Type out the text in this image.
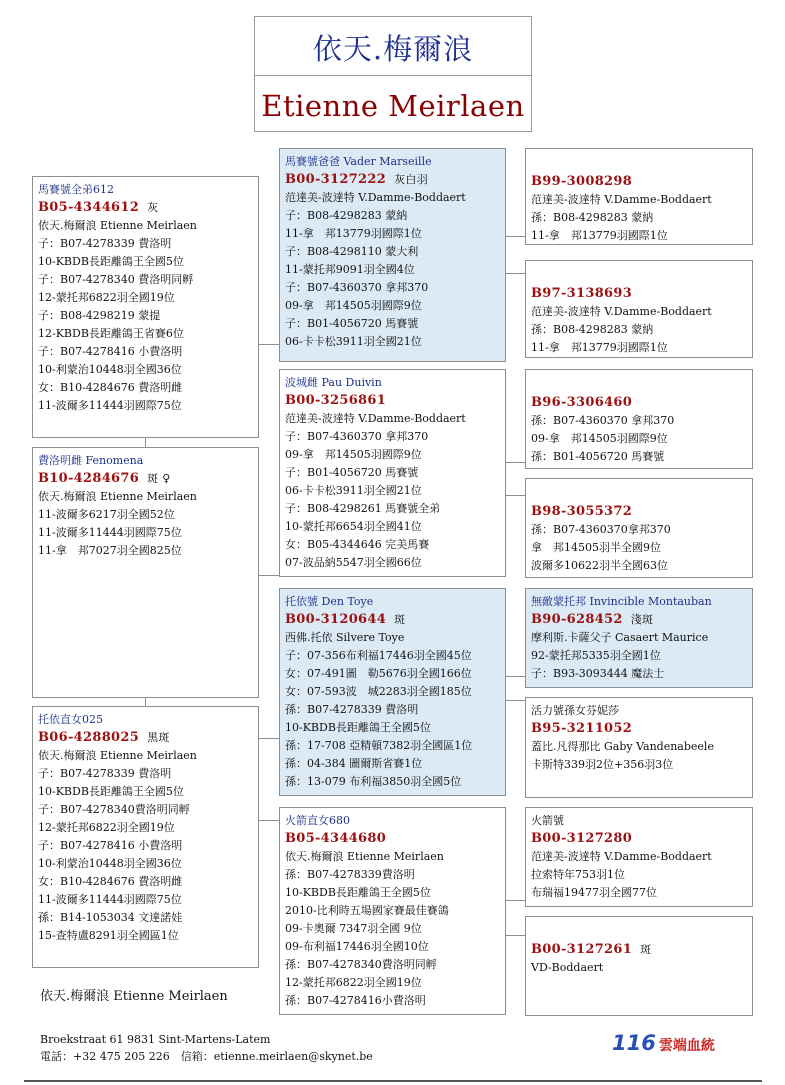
依天.梅爾浪
Etienne Meirlaen
馬賽號全弟612
B05-4344612 灰
依天.梅爾浪 Etienne Meirlaen
子：B07-4278339 費洛明
10-KBDB長距離鴿王全國5位
子：B07-4278340 費洛明同孵
12-蒙托邦6822羽全國19位
子：B08-4298219 蒙提
12-KBDB長距離鴿王省賽6位
子：B07-4278416 小費洛明
10-利蒙治10448羽全國36位
女：B10-4284676 費洛明雌
11-波爾多11444羽國際75位
費洛明雌 Fenomena
B10-4284676 斑 ♀
依天.梅爾浪 Etienne Meirlaen
11-波爾多6217羽全國52位
11-波爾多11444羽國際75位
11-拿　邦7027羽全國825位
托依直女025
B06-4288025 黑斑
依天.梅爾浪 Etienne Meirlaen
子：B07-4278339 費洛明
10-KBDB長距離鴿王全國5位
子：B07-4278340費洛明同孵
12-蒙托邦6822羽全國19位
子：B07-4278416 小費洛明
10-利蒙治10448羽全國36位
女：B10-4284676 費洛明雌
11-波爾多11444羽國際75位
孫：B14-1053034 文達諾娃
15-查特盧8291羽全國區1位
馬賽號爸爸 Vader Marseille
B00-3127222 灰白羽
范達美-波達特 V.Damme-Boddaert
子：B08-4298283 蒙納
11-拿　邦13779羽國際1位
子：B08-4298110 蒙大利
11-蒙托邦9091羽全國4位
子：B07-4360370 拿邦370
09-拿　邦14505羽國際9位
子：B01-4056720 馬賽號
06-卡卡松3911羽全國21位
波城雌 Pau Duivin
B00-3256861
范達美-波達特 V.Damme-Boddaert
子：B07-4360370 拿邦370
09-拿　邦14505羽國際9位
子：B01-4056720 馬賽號
06-卡卡松3911羽全國21位
子：B08-4298261 馬賽號全弟
10-蒙托邦6654羽全國41位
女：B05-4344646 完美馬賽
07-波品納5547羽全國66位
托依號 Den Toye
B00-3120644 斑
西佛.托依 Silvere Toye
子：07-356布利福17446羽全國45位
女：07-491圖　勒5676羽全國166位
女：07-593波　城2283羽全國185位
孫：B07-4278339 費洛明
10-KBDB長距離鴿王全國5位
孫：17-708 亞精頓7382羽全國區1位
孫：04-384 圖爾斯省賽1位
孫：13-079 布利福3850羽全國5位
火箭直女680
B05-4344680
依天.梅爾浪 Etienne Meirlaen
孫：B07-4278339費洛明
10-KBDB長距離鴿王全國5位
2010-比利時五場國家賽最佳賽鴿
09-卡奧爾 7347羽全國 9位
09-布利福17446羽全國10位
孫：B07-4278340費洛明同孵
12-蒙托邦6822羽全國19位
孫：B07-4278416小費洛明
B99-3008298
范達美-波達特 V.Damme-Boddaert
孫：B08-4298283 蒙納
11-拿　邦13779羽國際1位
B97-3138693
范達美-波達特 V.Damme-Boddaert
孫：B08-4298283 蒙納
11-拿　邦13779羽國際1位
B96-3306460
孫：B07-4360370 拿邦370
09-拿　邦14505羽國際9位
孫：B01-4056720 馬賽號
B98-3055372
孫：B07-4360370拿邦370
拿　邦14505羽半全國9位
波爾多10622羽半全國63位
無敵蒙托邦 Invincible Montauban
B90-628452 淺斑
摩利斯.卡薩父子 Casaert Maurice
92-蒙托邦5335羽全國1位
子：B93-3093444 魔法士
活力號孫女芬妮莎
B95-3211052
蓋比.凡得那比 Gaby Vandenabeele
卡斯特339羽2位+356羽3位
火箭號
B00-3127280
范達美-波達特 V.Damme-Boddaert
拉索特年753羽1位
布瑞福19477羽全國77位
B00-3127261 斑
VD-Boddaert
依天.梅爾浪 Etienne Meirlaen
Broekstraat 61 9831 Sint-Martens-Latem
電話：+32 475 205 226　信箱：etienne.meirlaen@skynet.be
116 雲端血統
